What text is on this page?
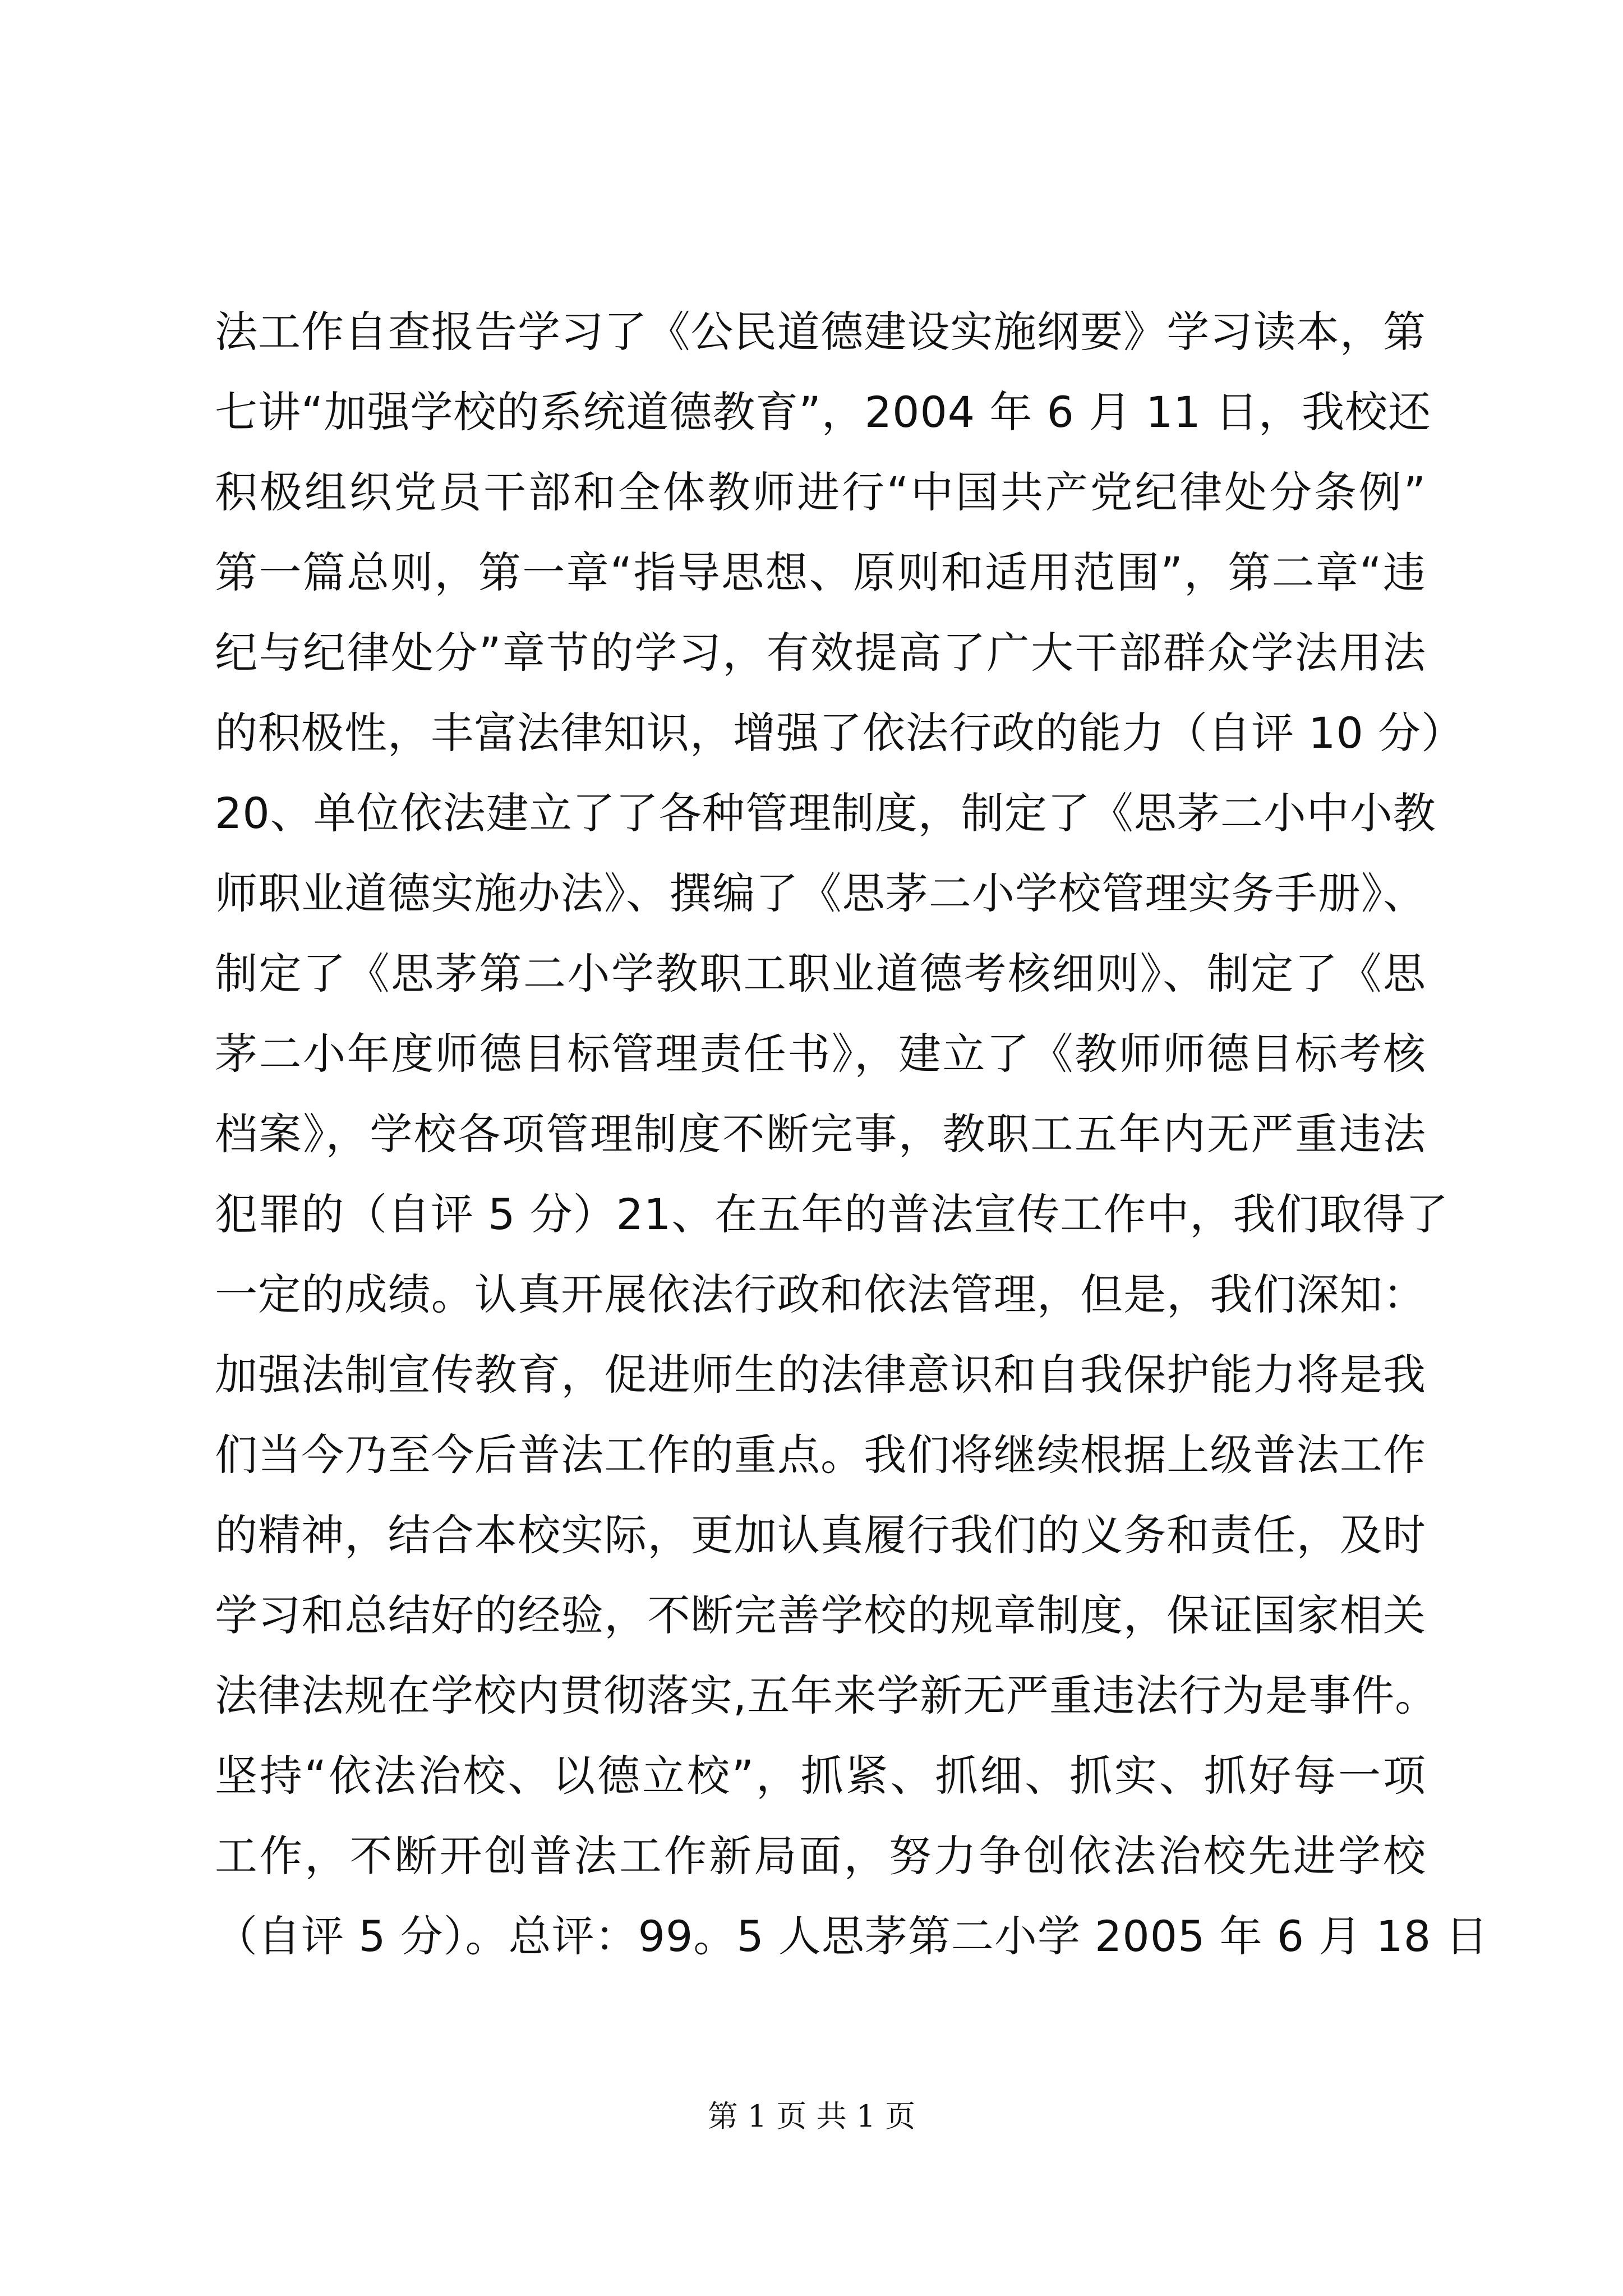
法工作自查报告学习了《公民道德建设实施纲要》学习读本，第
七讲“加强学校的系统道德教育”，2004 年 6 月 11 日，我校还
积极组织党员干部和全体教师进行“中国共产党纪律处分条例”
第一篇总则，第一章“指导思想、原则和适用范围”，第二章“违
纪与纪律处分”章节的学习，有效提高了广大干部群众学法用法
的积极性，丰富法律知识，增强了依法行政的能力（自评 10 分）
20、单位依法建立了了各种管理制度，制定了《思茅二小中小教
师职业道德实施办法》、撰编了《思茅二小学校管理实务手册》、
制定了《思茅第二小学教职工职业道德考核细则》、制定了《思
茅二小年度师德目标管理责任书》，建立了《教师师德目标考核
档案》，学校各项管理制度不断完事，教职工五年内无严重违法
犯罪的（自评 5 分）21、在五年的普法宣传工作中，我们取得了
一定的成绩。认真开展依法行政和依法管理，但是，我们深知：
加强法制宣传教育，促进师生的法律意识和自我保护能力将是我
们当今乃至今后普法工作的重点。我们将继续根据上级普法工作
的精神，结合本校实际，更加认真履行我们的义务和责任，及时
学习和总结好的经验，不断完善学校的规章制度，保证国家相关
法律法规在学校内贯彻落实,五年来学新无严重违法行为是事件。
坚持“依法治校、以德立校”，抓紧、抓细、抓实、抓好每一项
工作，不断开创普法工作新局面，努力争创依法治校先进学校
（自评 5 分）。总评：99。5 人思茅第二小学 2005 年 6 月 18 日
第 1 页 共 1 页
